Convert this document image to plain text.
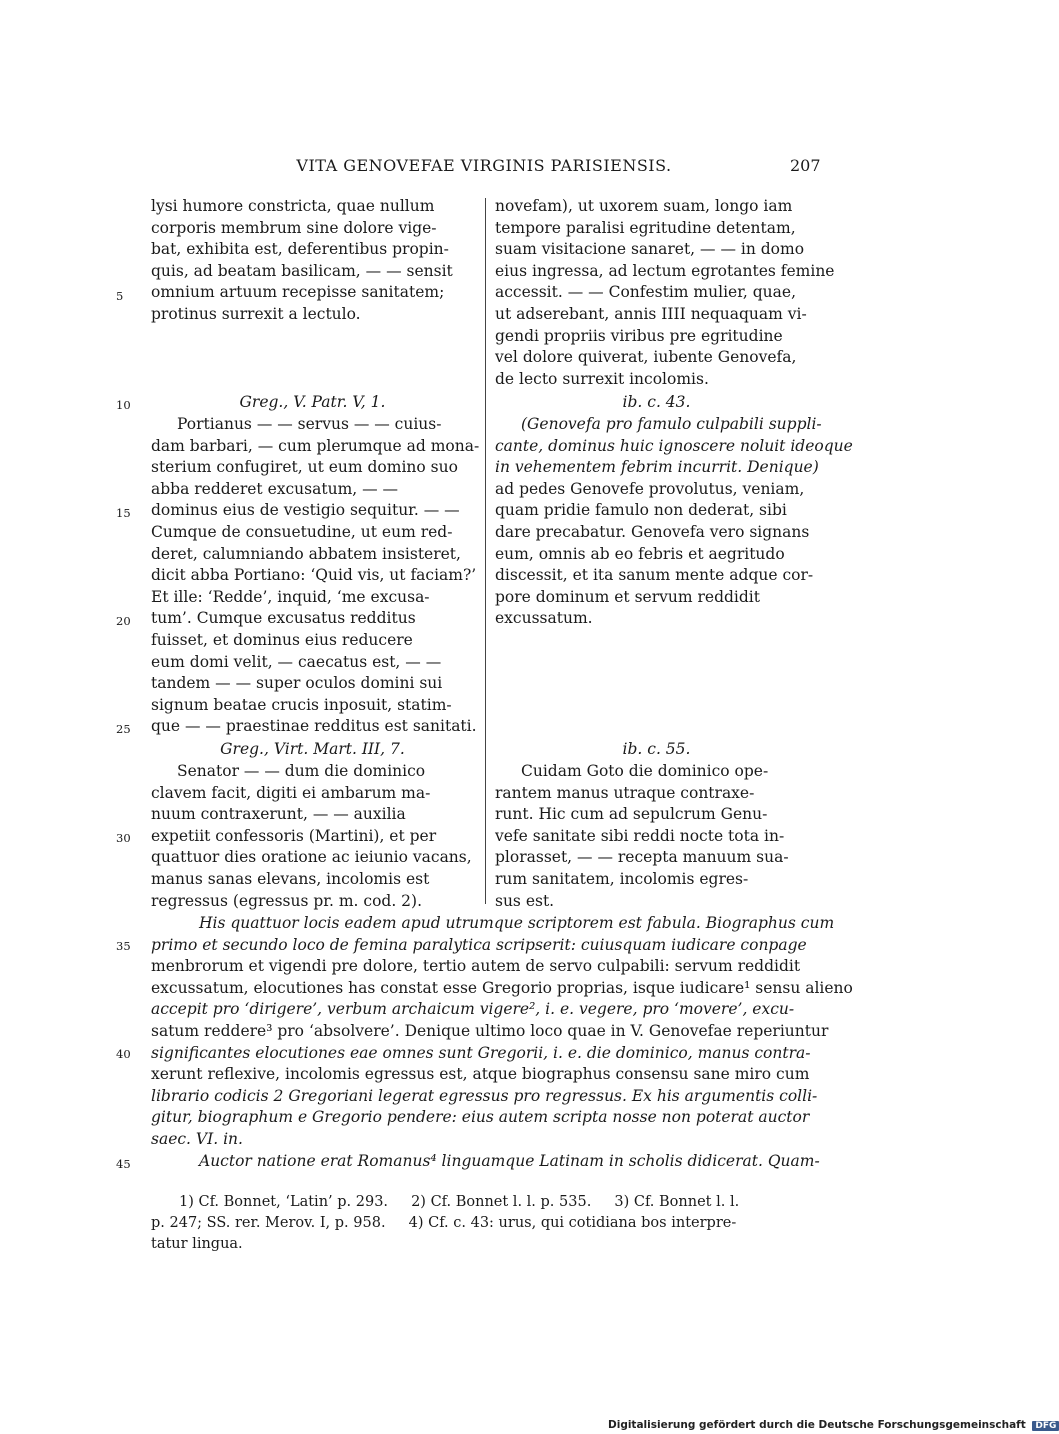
VITA GENOVEFAE VIRGINIS PARISIENSIS.	207
5
10
15
20
25
30
35
40
45
lysi humore constricta, quae nullum
corporis membrum sine dolore vige-
bat, exhibita est, deferentibus propin-
quis, ad beatam basilicam, — — sensit
omnium artuum recepisse sanitatem;
protinus surrexit a lectulo.
Greg., V. Patr. V, 1.
Portianus — — servus — — cuius-
dam barbari, — cum plerumque ad mona-
sterium confugiret, ut eum domino suo
abba redderet excusatum, — —
dominus eius de vestigio sequitur. — —
Cumque de consuetudine, ut eum red-
deret, calumniando abbatem insisteret,
dicit abba Portiano: ‘Quid vis, ut faciam?’
Et ille: ‘Redde’, inquid, ‘me excusa-
tum’. Cumque excusatus redditus
fuisset, et dominus eius reducere
eum domi velit, — caecatus est, — —
tandem — — super oculos domini sui
signum beatae crucis inposuit, statim-
que — — praestinae redditus est sanitati.
Greg., Virt. Mart. III, 7.
Senator — — dum die dominico
clavem facit, digiti ei ambarum ma-
nuum contraxerunt, — — auxilia
expetiit confessoris (Martini), et per
quattuor dies oratione ac ieiunio vacans,
manus sanas elevans, incolomis est
regressus (egressus pr. m. cod. 2).
novefam), ut uxorem suam, longo iam
tempore paralisi egritudine detentam,
suam visitacione sanaret, — — in domo
eius ingressa, ad lectum egrotantes femine
accessit. — — Confestim mulier, quae,
ut adserebant, annis IIII nequaquam vi-
gendi propriis viribus pre egritudine
vel dolore quiverat, iubente Genovefa,
de lecto surrexit incolomis.
ib. c. 43.
(Genovefa pro famulo culpabili suppli-
cante, dominus huic ignoscere noluit ideoque
in vehementem febrim incurrit. Denique)
ad pedes Genovefe provolutus, veniam,
quam pridie famulo non dederat, sibi
dare precabatur. Genovefa vero signans
eum, omnis ab eo febris et aegritudo
discessit, et ita sanum mente adque cor-
pore dominum et servum reddidit
excussatum.
ib. c. 55.
Cuidam Goto die dominico ope-
rantem manus utraque contraxe-
runt. Hic cum ad sepulcrum Genu-
vefe sanitate sibi reddi nocte tota in-
plorasset, — — recepta manuum sua-
rum sanitatem, incolomis egres-
sus est.
His quattuor locis eadem apud utrumque scriptorem est fabula. Biographus cum
primo et secundo loco de femina paralytica scripserit: cuiusquam iudicare conpage
menbrorum et vigendi pre dolore, tertio autem de servo culpabili: servum reddidit
excussatum, elocutiones has constat esse Gregorio proprias, isque iudicare¹ sensu alieno
accepit pro ‘dirigere’, verbum archaicum vigere², i. e. vegere, pro ‘movere’, excu-
satum reddere³ pro ‘absolvere’. Denique ultimo loco quae in V. Genovefae reperiuntur
significantes elocutiones eae omnes sunt Gregorii, i. e. die dominico, manus contra-
xerunt reflexive, incolomis egressus est, atque biographus consensu sane miro cum
librario codicis 2 Gregoriani legerat egressus pro regressus. Ex his argumentis colli-
gitur, biographum e Gregorio pendere: eius autem scripta nosse non poterat auctor
saec. VI. in.
Auctor natione erat Romanus⁴ linguamque Latinam in scholis didicerat. Quam-
1) Cf. Bonnet, ‘Latin’ p. 293.     2) Cf. Bonnet l. l. p. 535.     3) Cf. Bonnet l. l.
p. 247; SS. rer. Merov. I, p. 958.     4) Cf. c. 43: urus, qui cotidiana bos interpre-
tatur lingua.
Digitalisierung gefördert durch die Deutsche Forschungsgemeinschaft DFG
